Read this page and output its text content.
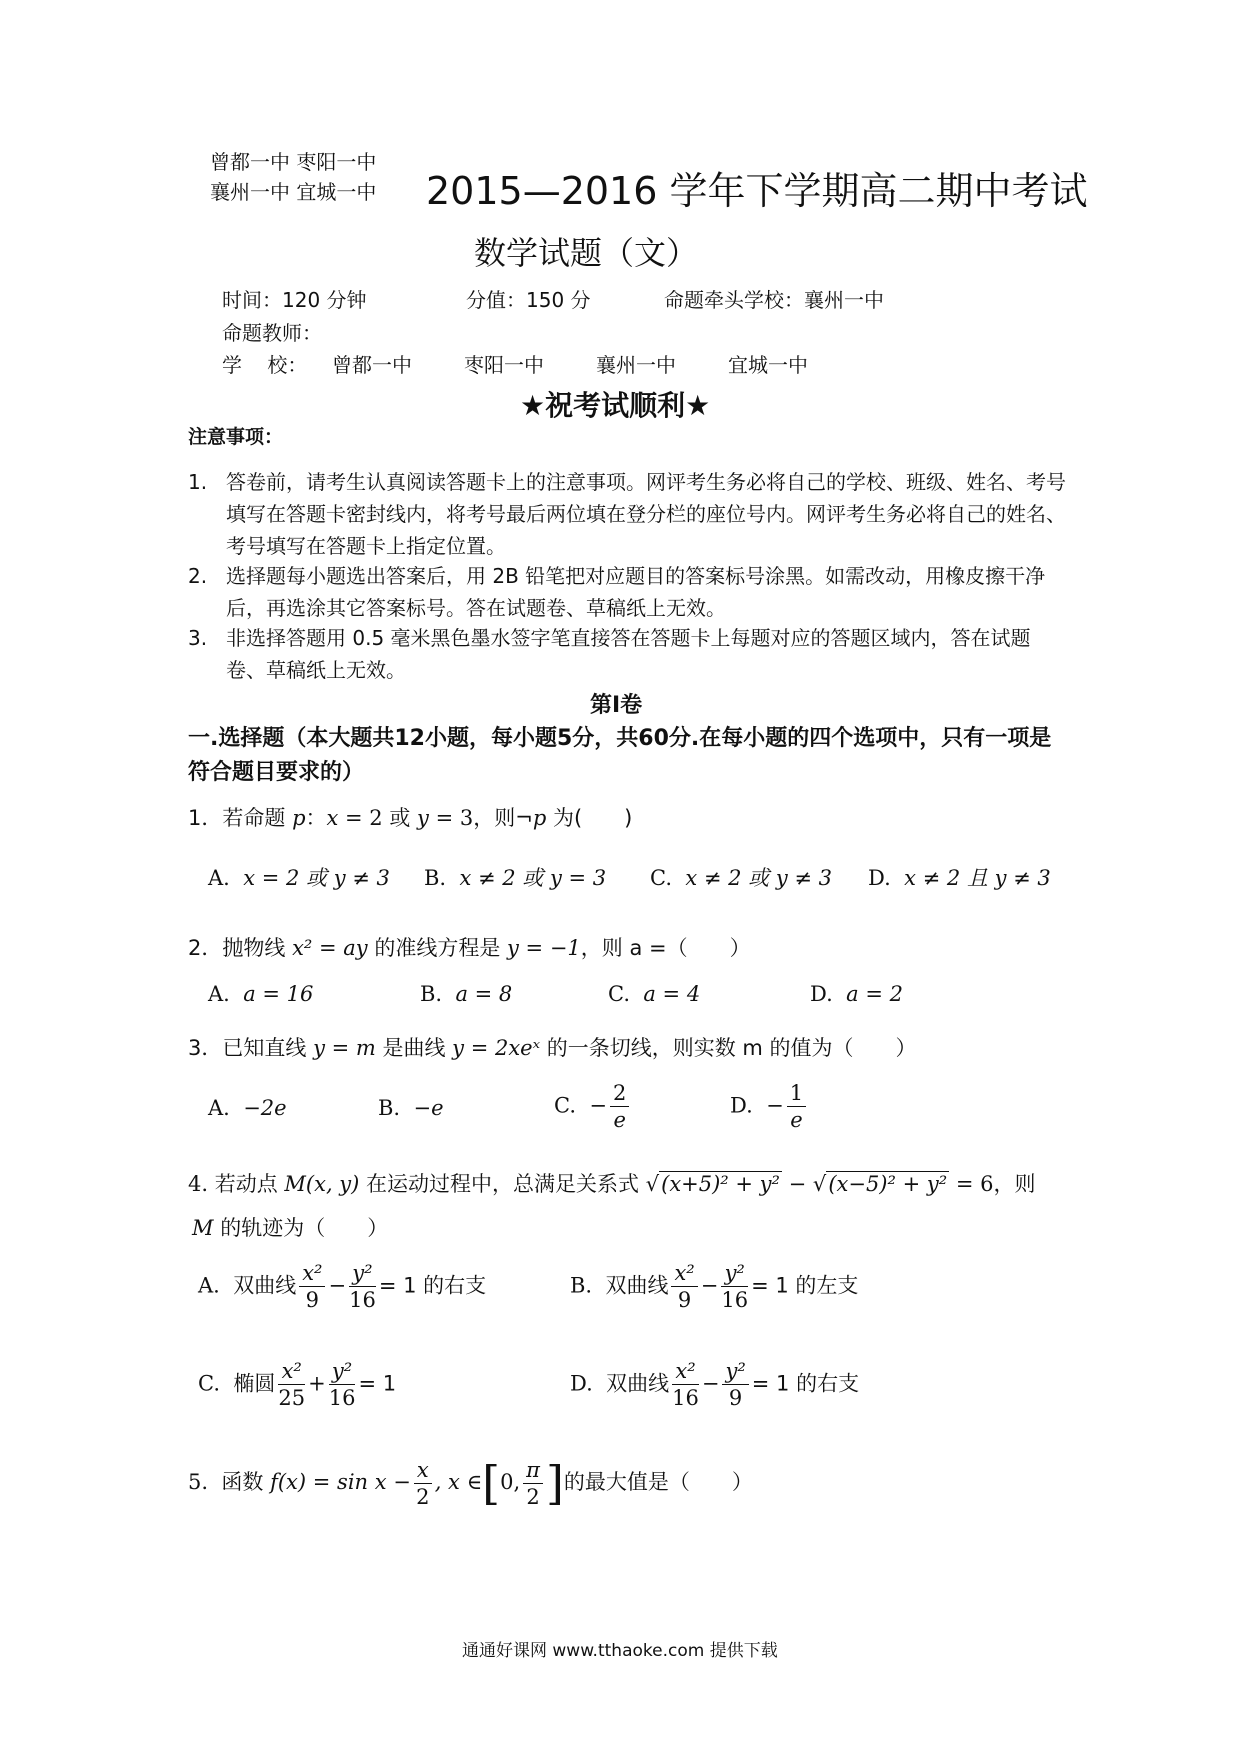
曾都一中 枣阳一中
襄州一中 宜城一中 2015—2016 学年下学期高二期中考试
数学试题（文）
时间：120 分钟	分值：150 分	命题牵头学校：襄州一中
命题教师：
学    校： 曾都一中	枣阳一中	襄州一中	宜城一中
★祝考试顺利★
注意事项：
1. 答卷前，请考生认真阅读答题卡上的注意事项。网评考生务必将自己的学校、班级、姓名、考号填写在答题卡密封线内，将考号最后两位填在登分栏的座位号内。网评考生务必将自己的姓名、考号填写在答题卡上指定位置。
2. 选择题每小题选出答案后，用 2B 铅笔把对应题目的答案标号涂黑。如需改动，用橡皮擦干净后，再选涂其它答案标号。答在试题卷、草稿纸上无效。
3. 非选择答题用 0.5 毫米黑色墨水签字笔直接答在答题卡上每题对应的答题区域内，答在试题卷、草稿纸上无效。
第Ⅰ卷
一.选择题（本大题共12小题，每小题5分，共60分.在每小题的四个选项中，只有一项是符合题目要求的）
1．若命题 p：x = 2 或 y = 3，则¬p 为(　　)
A. x = 2 或 y ≠ 3 B. x ≠ 2 或 y = 3 C. x ≠ 2 或 y ≠ 3 D. x ≠ 2 且 y ≠ 3
2．抛物线 x² = ay 的准线方程是 y = −1，则 a =（　　）
A. a = 16	B. a = 8	C. a = 4	D. a = 2
3．已知直线 y = m 是曲线 y = 2xeˣ 的一条切线，则实数 m 的值为（　　）
A. −2e	B. −e	C. − $\frac{2}{e}$	D. − $\frac{1}{e}$
4. 若动点 M(x, y) 在运动过程中，总满足关系式 √(x+5)² + y² − √(x−5)² + y² = 6，则
M 的轨迹为（　　）
A. 双曲线 $\frac{\text{x²}}{9} - \frac{\text{y²}}{16} = 1$ 的右支	B. 双曲线 $\frac{\text{x²}}{9} - \frac{\text{y²}}{16} = 1$ 的左支
C. 椭圆 $\frac{\text{x²}}{25} + \frac{\text{y²}}{16} = 1$	D. 双曲线 $\frac{\text{x²}}{16} - \frac{\text{y²}}{9} = 1$ 的右支
5. 函数 $f(x) = \sin x - \frac{x}{2}$ , x ∈[0, $\frac{\pi}{2}$ ]的最大值是（　　）
通通好课网 www.tthaoke.com 提供下载
